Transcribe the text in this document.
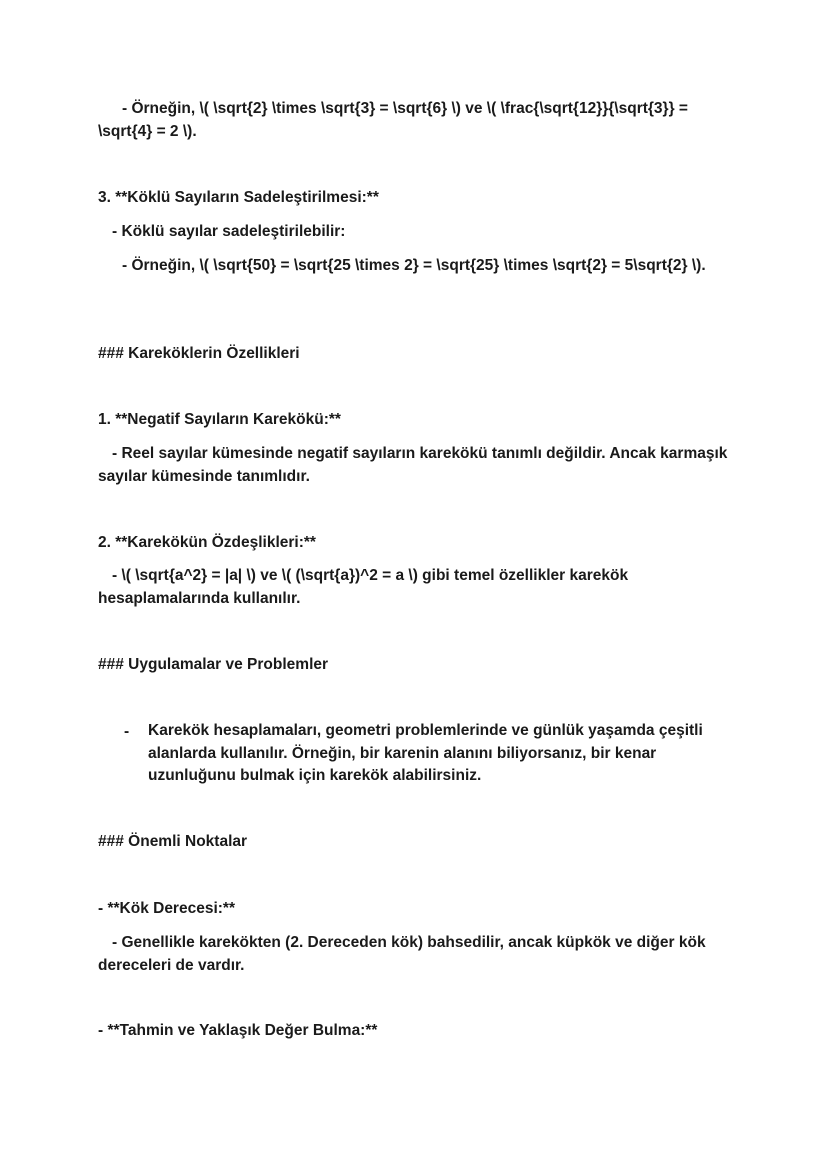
- Örneğin, \( \sqrt{2} \times \sqrt{3} = \sqrt{6} \) ve \( \frac{\sqrt{12}}{\sqrt{3}} = \sqrt{4} = 2 \).
3. **Köklü Sayıların Sadeleştirilmesi:**
- Köklü sayılar sadeleştirilebilir:
- Örneğin, \( \sqrt{50} = \sqrt{25 \times 2} = \sqrt{25} \times \sqrt{2} = 5\sqrt{2} \).
### Kareköklerin Özellikleri
1. **Negatif Sayıların Karekökü:**
- Reel sayılar kümesinde negatif sayıların karekökü tanımlı değildir. Ancak karmaşık sayılar kümesinde tanımlıdır.
2. **Karekökün Özdeşlikleri:**
- \( \sqrt{a^2} = |a| \) ve \( (\sqrt{a})^2 = a \) gibi temel özellikler karekök hesaplamalarında kullanılır.
### Uygulamalar ve Problemler
- Karekök hesaplamaları, geometri problemlerinde ve günlük yaşamda çeşitli alanlarda kullanılır. Örneğin, bir karenin alanını biliyorsanız, bir kenar uzunluğunu bulmak için karekök alabilirsiniz.
### Önemli Noktalar
- **Kök Derecesi:**
- Genellikle karekökten (2. Dereceden kök) bahsedilir, ancak küpkök ve diğer kök dereceleri de vardır.
- **Tahmin ve Yaklaşık Değer Bulma:**
